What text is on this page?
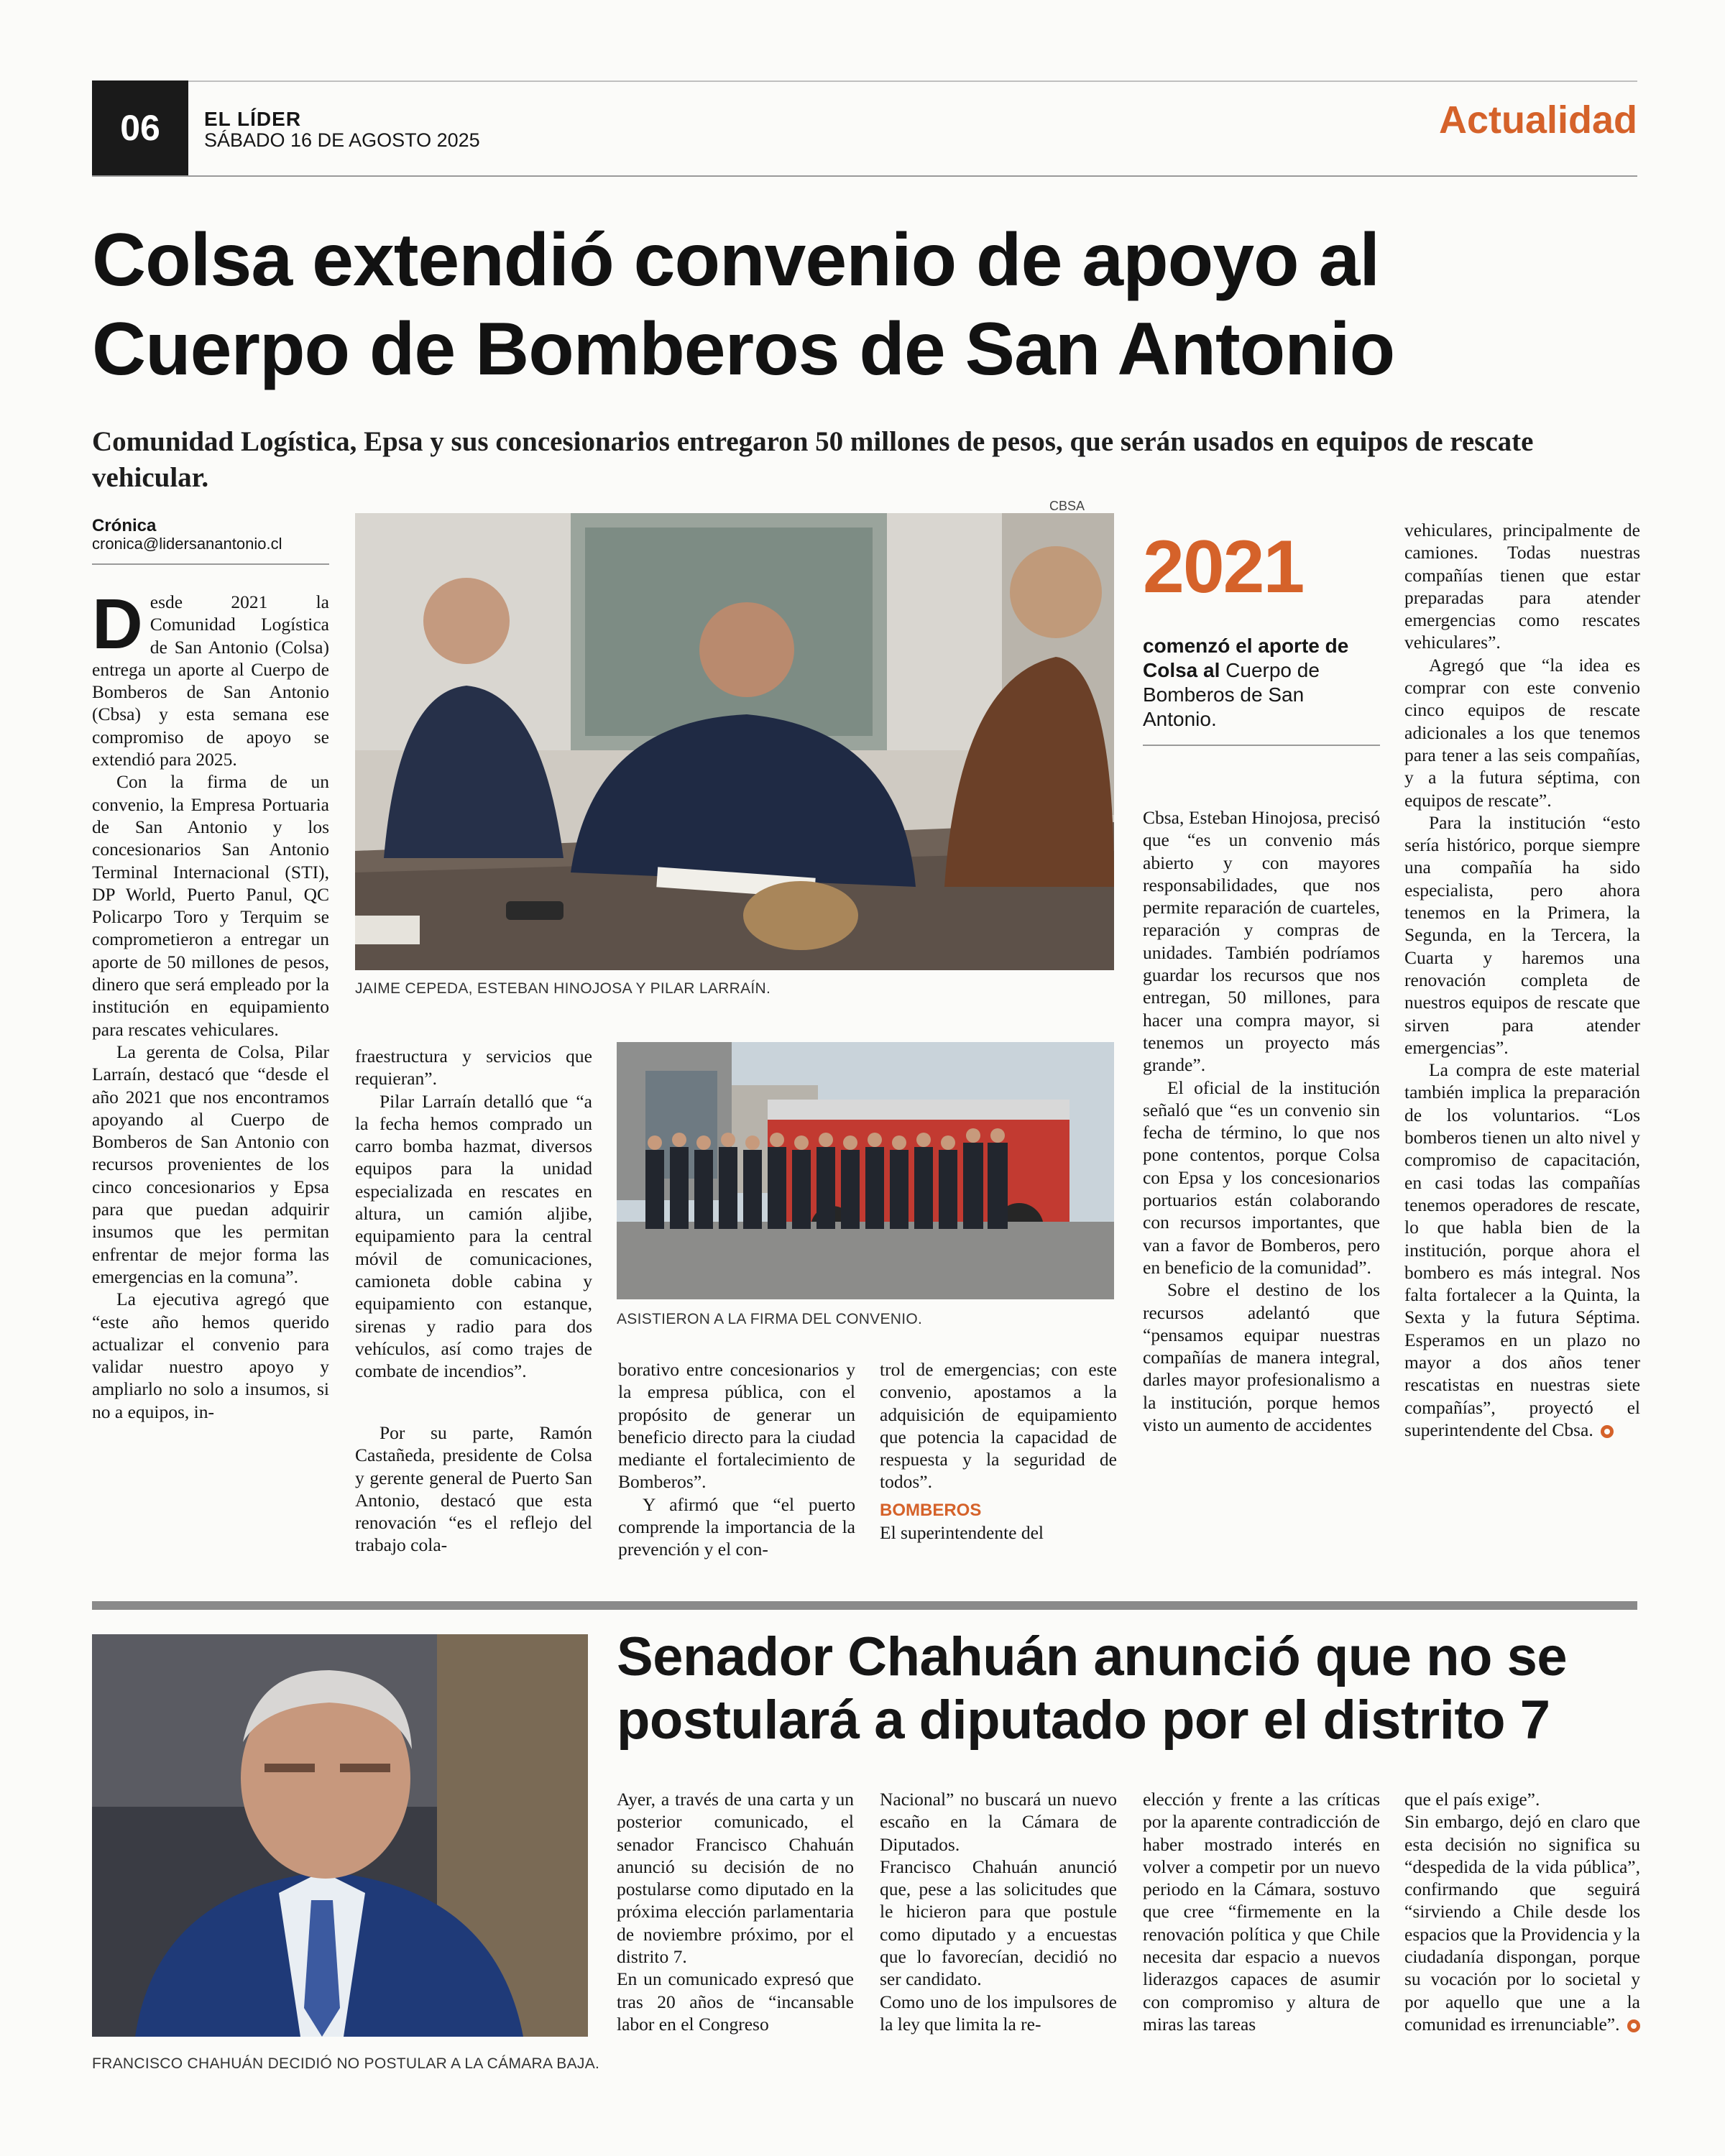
06	EL LÍDER
SÁBADO 16 DE AGOSTO 2025	Actualidad
Colsa extendió convenio de apoyo al Cuerpo de Bomberos de San Antonio
Comunidad Logística, Epsa y sus concesionarios entregaron 50 millones de pesos, que serán usados en equipos de rescate vehicular.
Crónica
cronica@lidersanantonio.cl

Desde 2021 la Comunidad Logística de San Antonio (Colsa) entrega un aporte al Cuerpo de Bomberos de San Antonio (Cbsa) y esta semana ese compromiso de apoyo se extendió para 2025.

Con la firma de un convenio, la Empresa Portuaria de San Antonio y los concesionarios San Antonio Terminal Internacional (STI), DP World, Puerto Panul, QC Policarpo Toro y Terquim se comprometieron a entregar un aporte de 50 millones de pesos, dinero que será empleado por la institución en equipamiento para rescates vehiculares.

La gerenta de Colsa, Pilar Larraín, destacó que “desde el año 2021 que nos encontramos apoyando al Cuerpo de Bomberos de San Antonio con recursos provenientes de los cinco concesionarios y Epsa para que puedan adquirir insumos que les permitan enfrentar de mejor forma las emergencias en la comuna”.

La ejecutiva agregó que “este año hemos querido actualizar el convenio para validar nuestro apoyo y ampliarlo no solo a insumos, si no a equipos, in-

CBSA
JAIME CEPEDA, ESTEBAN HINOJOSA Y PILAR LARRAÍN.
ASISTIERON A LA FIRMA DEL CONVENIO.

fraestructura y servicios que requieran”.

Pilar Larraín detalló que “a la fecha hemos comprado un carro bomba hazmat, diversos equipos para la unidad especializada en rescates en altura, un camión aljibe, equipamiento para la central móvil de comunicaciones, camioneta doble cabina y equipamiento con estanque, sirenas y radio para dos vehículos, así como trajes de combate de incendios”.

Por su parte, Ramón Castañeda, presidente de Colsa y gerente general de Puerto San Antonio, destacó que esta renovación “es el reflejo del trabajo cola-

borativo entre concesionarios y la empresa pública, con el propósito de generar un beneficio directo para la ciudad mediante el fortalecimiento de Bomberos”.

Y afirmó que “el puerto comprende la importancia de la prevención y el con-

trol de emergencias; con este convenio, apostamos a la adquisición de equipamiento que potencia la capacidad de respuesta y la seguridad de todos”.

BOMBEROS

El superintendente del

2021
comenzó el aporte de Colsa al Cuerpo de Bomberos de San Antonio.

Cbsa, Esteban Hinojosa, precisó que “es un convenio más abierto y con mayores responsabilidades, que nos permite reparación de cuarteles, reparación y compras de unidades. También podríamos guardar los recursos que nos entregan, 50 millones, para hacer una compra mayor, si tenemos un proyecto más grande”.

El oficial de la institución señaló que “es un convenio sin fecha de término, lo que nos pone contentos, porque Colsa con Epsa y los concesionarios portuarios están colaborando con recursos importantes, que van a favor de Bomberos, pero en beneficio de la comunidad”.

Sobre el destino de los recursos adelantó que “pensamos equipar nuestras compañías de manera integral, darles mayor profesionalismo a la institución, porque hemos visto un aumento de accidentes

vehiculares, principalmente de camiones. Todas nuestras compañías tienen que estar preparadas para atender emergencias como rescates vehiculares”.

Agregó que “la idea es comprar con este convenio cinco equipos de rescate adicionales a los que tenemos para tener a las seis compañías, y a la futura séptima, con equipos de rescate”.

Para la institución “esto sería histórico, porque siempre una compañía ha sido especialista, pero ahora tenemos en la Primera, la Segunda, en la Tercera, la Cuarta y haremos una renovación completa de nuestros equipos de rescate que sirven para atender emergencias”.

La compra de este material también implica la preparación de los voluntarios. “Los bomberos tienen un alto nivel y compromiso de capacitación, en casi todas las compañías tenemos operadores de rescate, lo que habla bien de la institución, porque ahora el bombero es más integral. Nos falta fortalecer a la Quinta, la Sexta y la futura Séptima. Esperamos en un plazo no mayor a dos años tener rescatistas en nuestras siete compañías”, proyectó el superintendente del Cbsa.

FRANCISCO CHAHUÁN DECIDIÓ NO POSTULAR A LA CÁMARA BAJA.
Senador Chahuán anunció que no se postulará a diputado por el distrito 7

Ayer, a través de una carta y un posterior comunicado, el senador Francisco Chahuán anunció su decisión de no postularse como diputado en la próxima elección parlamentaria de noviembre próximo, por el distrito 7.

En un comunicado expresó que tras 20 años de “incansable labor en el Congreso

Nacional” no buscará un nuevo escaño en la Cámara de Diputados.

Francisco Chahuán anunció que, pese a las solicitudes que le hicieron para que postule como diputado y a encuestas que lo favorecían, decidió no ser candidato.

Como uno de los impulsores de la ley que limita la re-

elección y frente a las críticas por la aparente contradicción de haber mostrado interés en volver a competir por un nuevo periodo en la Cámara, sostuvo que cree “firmemente en la renovación política y que Chile necesita dar espacio a nuevos liderazgos capaces de asumir con compromiso y altura de miras las tareas

que el país exige”.

Sin embargo, dejó en claro que esta decisión no significa su “despedida de la vida pública”, confirmando que seguirá “sirviendo a Chile desde los espacios que la Providencia y la ciudadanía dispongan, porque su vocación por lo societal y por aquello que une a la comunidad es irrenunciable”.
